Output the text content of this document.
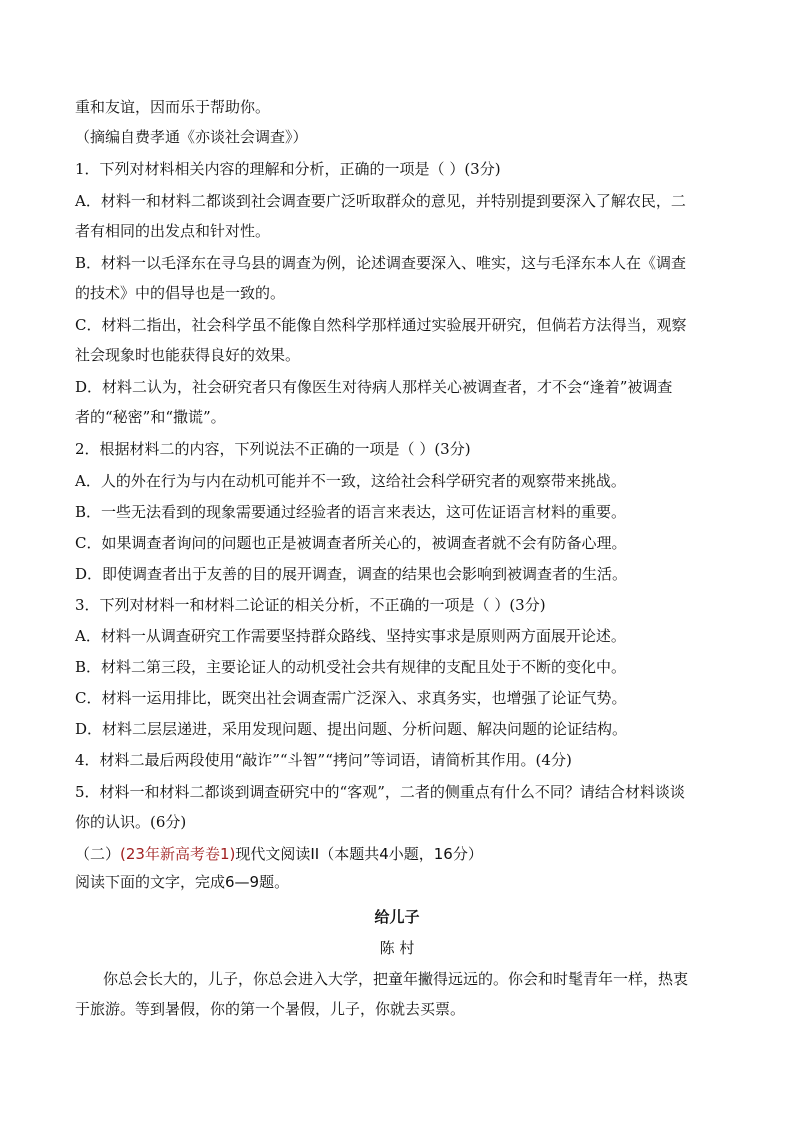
重和友谊，因而乐于帮助你。
（摘编自费孝通《亦谈社会调查》）
1．下列对材料相关内容的理解和分析，正确的一项是（ ）(3分)
A．材料一和材料二都谈到社会调查要广泛听取群众的意见，并特别提到要深入了解农民，二
者有相同的出发点和针对性。
B．材料一以毛泽东在寻乌县的调查为例，论述调查要深入、唯实，这与毛泽东本人在《调查
的技术》中的倡导也是一致的。
C．材料二指出，社会科学虽不能像自然科学那样通过实验展开研究，但倘若方法得当，观察
社会现象时也能获得良好的效果。
D．材料二认为，社会研究者只有像医生对待病人那样关心被调查者，才不会“逢着”被调查
者的“秘密”和“撒谎”。
2．根据材料二的内容，下列说法不正确的一项是（ ）(3分)
A．人的外在行为与内在动机可能并不一致，这给社会科学研究者的观察带来挑战。
B．一些无法看到的现象需要通过经验者的语言来表达，这可佐证语言材料的重要。
C．如果调查者询问的问题也正是被调查者所关心的，被调查者就不会有防备心理。
D．即使调查者出于友善的目的展开调查，调查的结果也会影响到被调查者的生活。
3．下列对材料一和材料二论证的相关分析，不正确的一项是（ ）(3分)
A．材料一从调查研究工作需要坚持群众路线、坚持实事求是原则两方面展开论述。
B．材料二第三段，主要论证人的动机受社会共有规律的支配且处于不断的变化中。
C．材料一运用排比，既突出社会调查需广泛深入、求真务实，也增强了论证气势。
D．材料二层层递进，采用发现问题、提出问题、分析问题、解决问题的论证结构。
4．材料二最后两段使用“敲诈”“斗智”“拷问”等词语，请简析其作用。(4分)
5．材料一和材料二都谈到调查研究中的“客观”，二者的侧重点有什么不同？请结合材料谈谈
你的认识。(6分)
（二）(23年新高考卷1)现代文阅读II（本题共4小题，16分）
阅读下面的文字，完成6—9题。
给儿子
陈 村
你总会长大的，儿子，你总会进入大学，把童年撇得远远的。你会和时髦青年一样，热衷
于旅游。等到暑假，你的第一个暑假，儿子，你就去买票。
